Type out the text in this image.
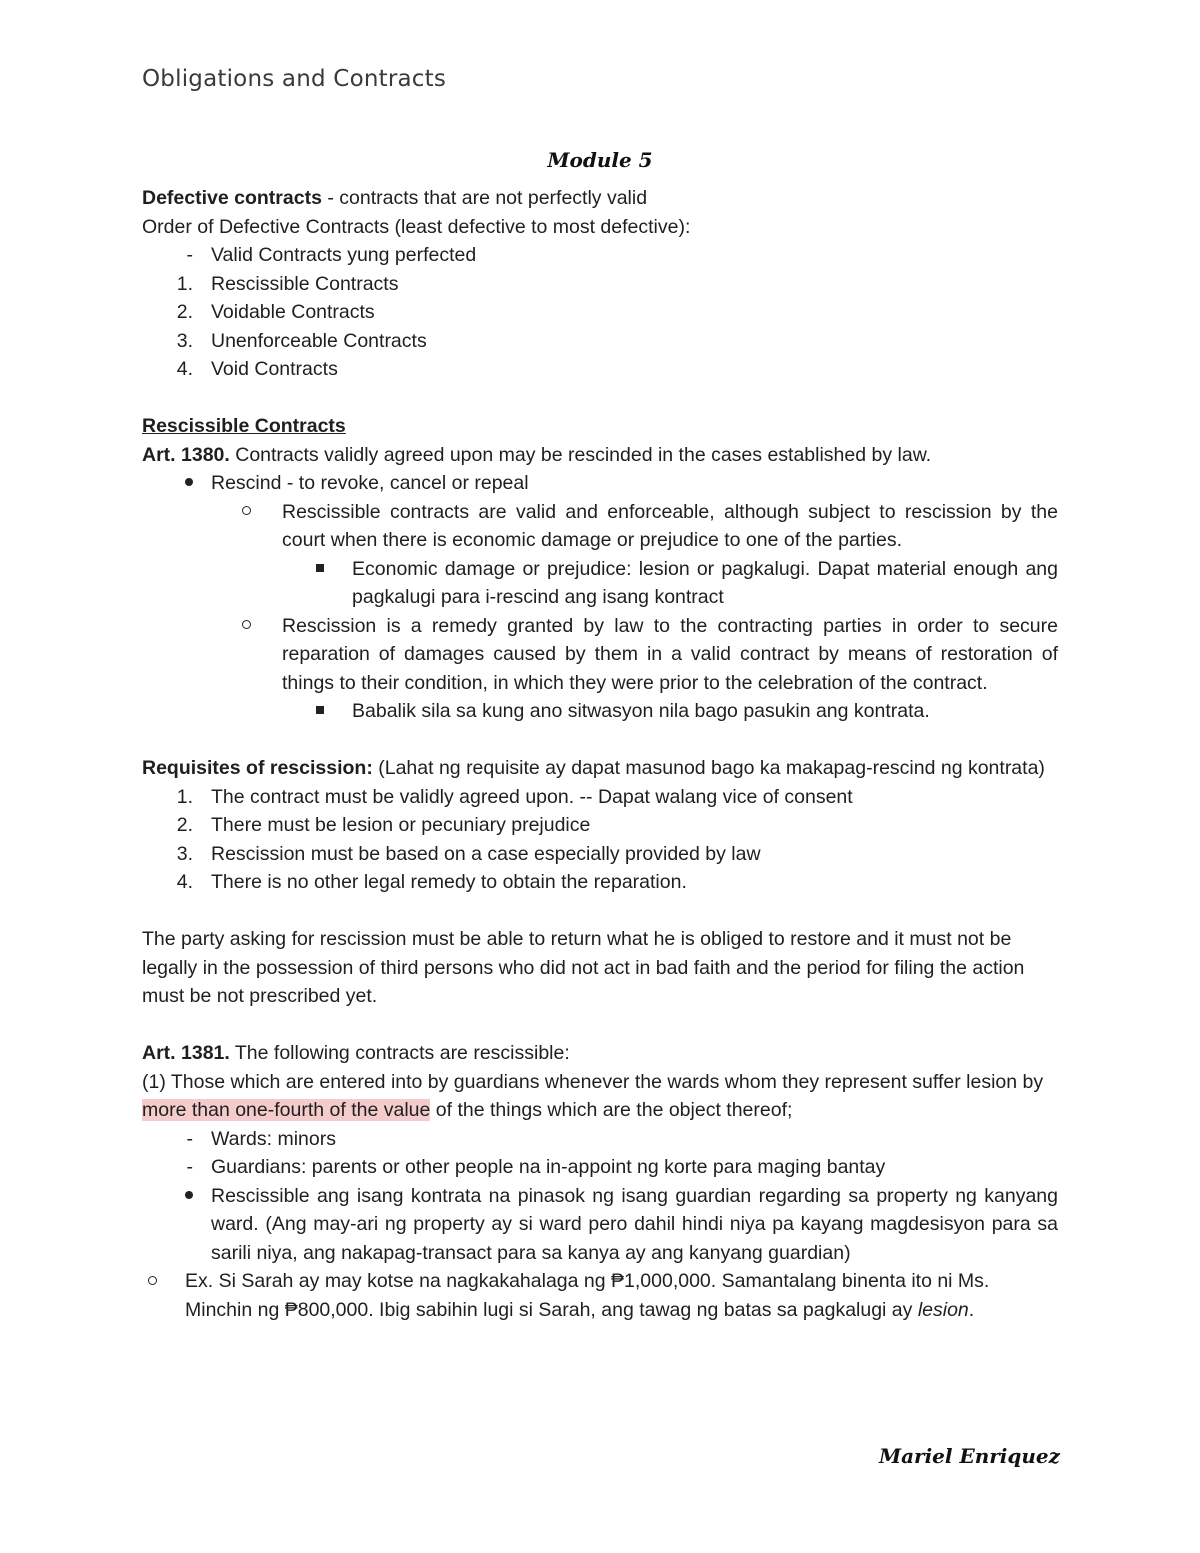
Obligations and Contracts
Module 5
Defective contracts - contracts that are not perfectly valid
Order of Defective Contracts (least defective to most defective):
- Valid Contracts yung perfected
1. Rescissible Contracts
2. Voidable Contracts
3. Unenforceable Contracts
4. Void Contracts
Rescissible Contracts
Art. 1380. Contracts validly agreed upon may be rescinded in the cases established by law.
Rescind - to revoke, cancel or repeal
Rescissible contracts are valid and enforceable, although subject to rescission by the court when there is economic damage or prejudice to one of the parties.
Economic damage or prejudice: lesion or pagkalugi. Dapat material enough ang pagkalugi para i-rescind ang isang kontract
Rescission is a remedy granted by law to the contracting parties in order to secure reparation of damages caused by them in a valid contract by means of restoration of things to their condition, in which they were prior to the celebration of the contract.
Babalik sila sa kung ano sitwasyon nila bago pasukin ang kontrata.
Requisites of rescission: (Lahat ng requisite ay dapat masunod bago ka makapag-rescind ng kontrata)
1. The contract must be validly agreed upon. -- Dapat walang vice of consent
2. There must be lesion or pecuniary prejudice
3. Rescission must be based on a case especially provided by law
4. There is no other legal remedy to obtain the reparation.
The party asking for rescission must be able to return what he is obliged to restore and it must not be legally in the possession of third persons who did not act in bad faith and the period for filing the action must be not prescribed yet.
Art. 1381. The following contracts are rescissible:
(1) Those which are entered into by guardians whenever the wards whom they represent suffer lesion by more than one-fourth of the value of the things which are the object thereof;
- Wards: minors
- Guardians: parents or other people na in-appoint ng korte para maging bantay
Rescissible ang isang kontrata na pinasok ng isang guardian regarding sa property ng kanyang ward. (Ang may-ari ng property ay si ward pero dahil hindi niya pa kayang magdesisyon para sa sarili niya, ang nakapag-transact para sa kanya ay ang kanyang guardian)
Ex. Si Sarah ay may kotse na nagkakahalaga ng ₱1,000,000. Samantalang binenta ito ni Ms. Minchin ng ₱800,000. Ibig sabihin lugi si Sarah, ang tawag ng batas sa pagkalugi ay lesion.
Mariel Enriquez
